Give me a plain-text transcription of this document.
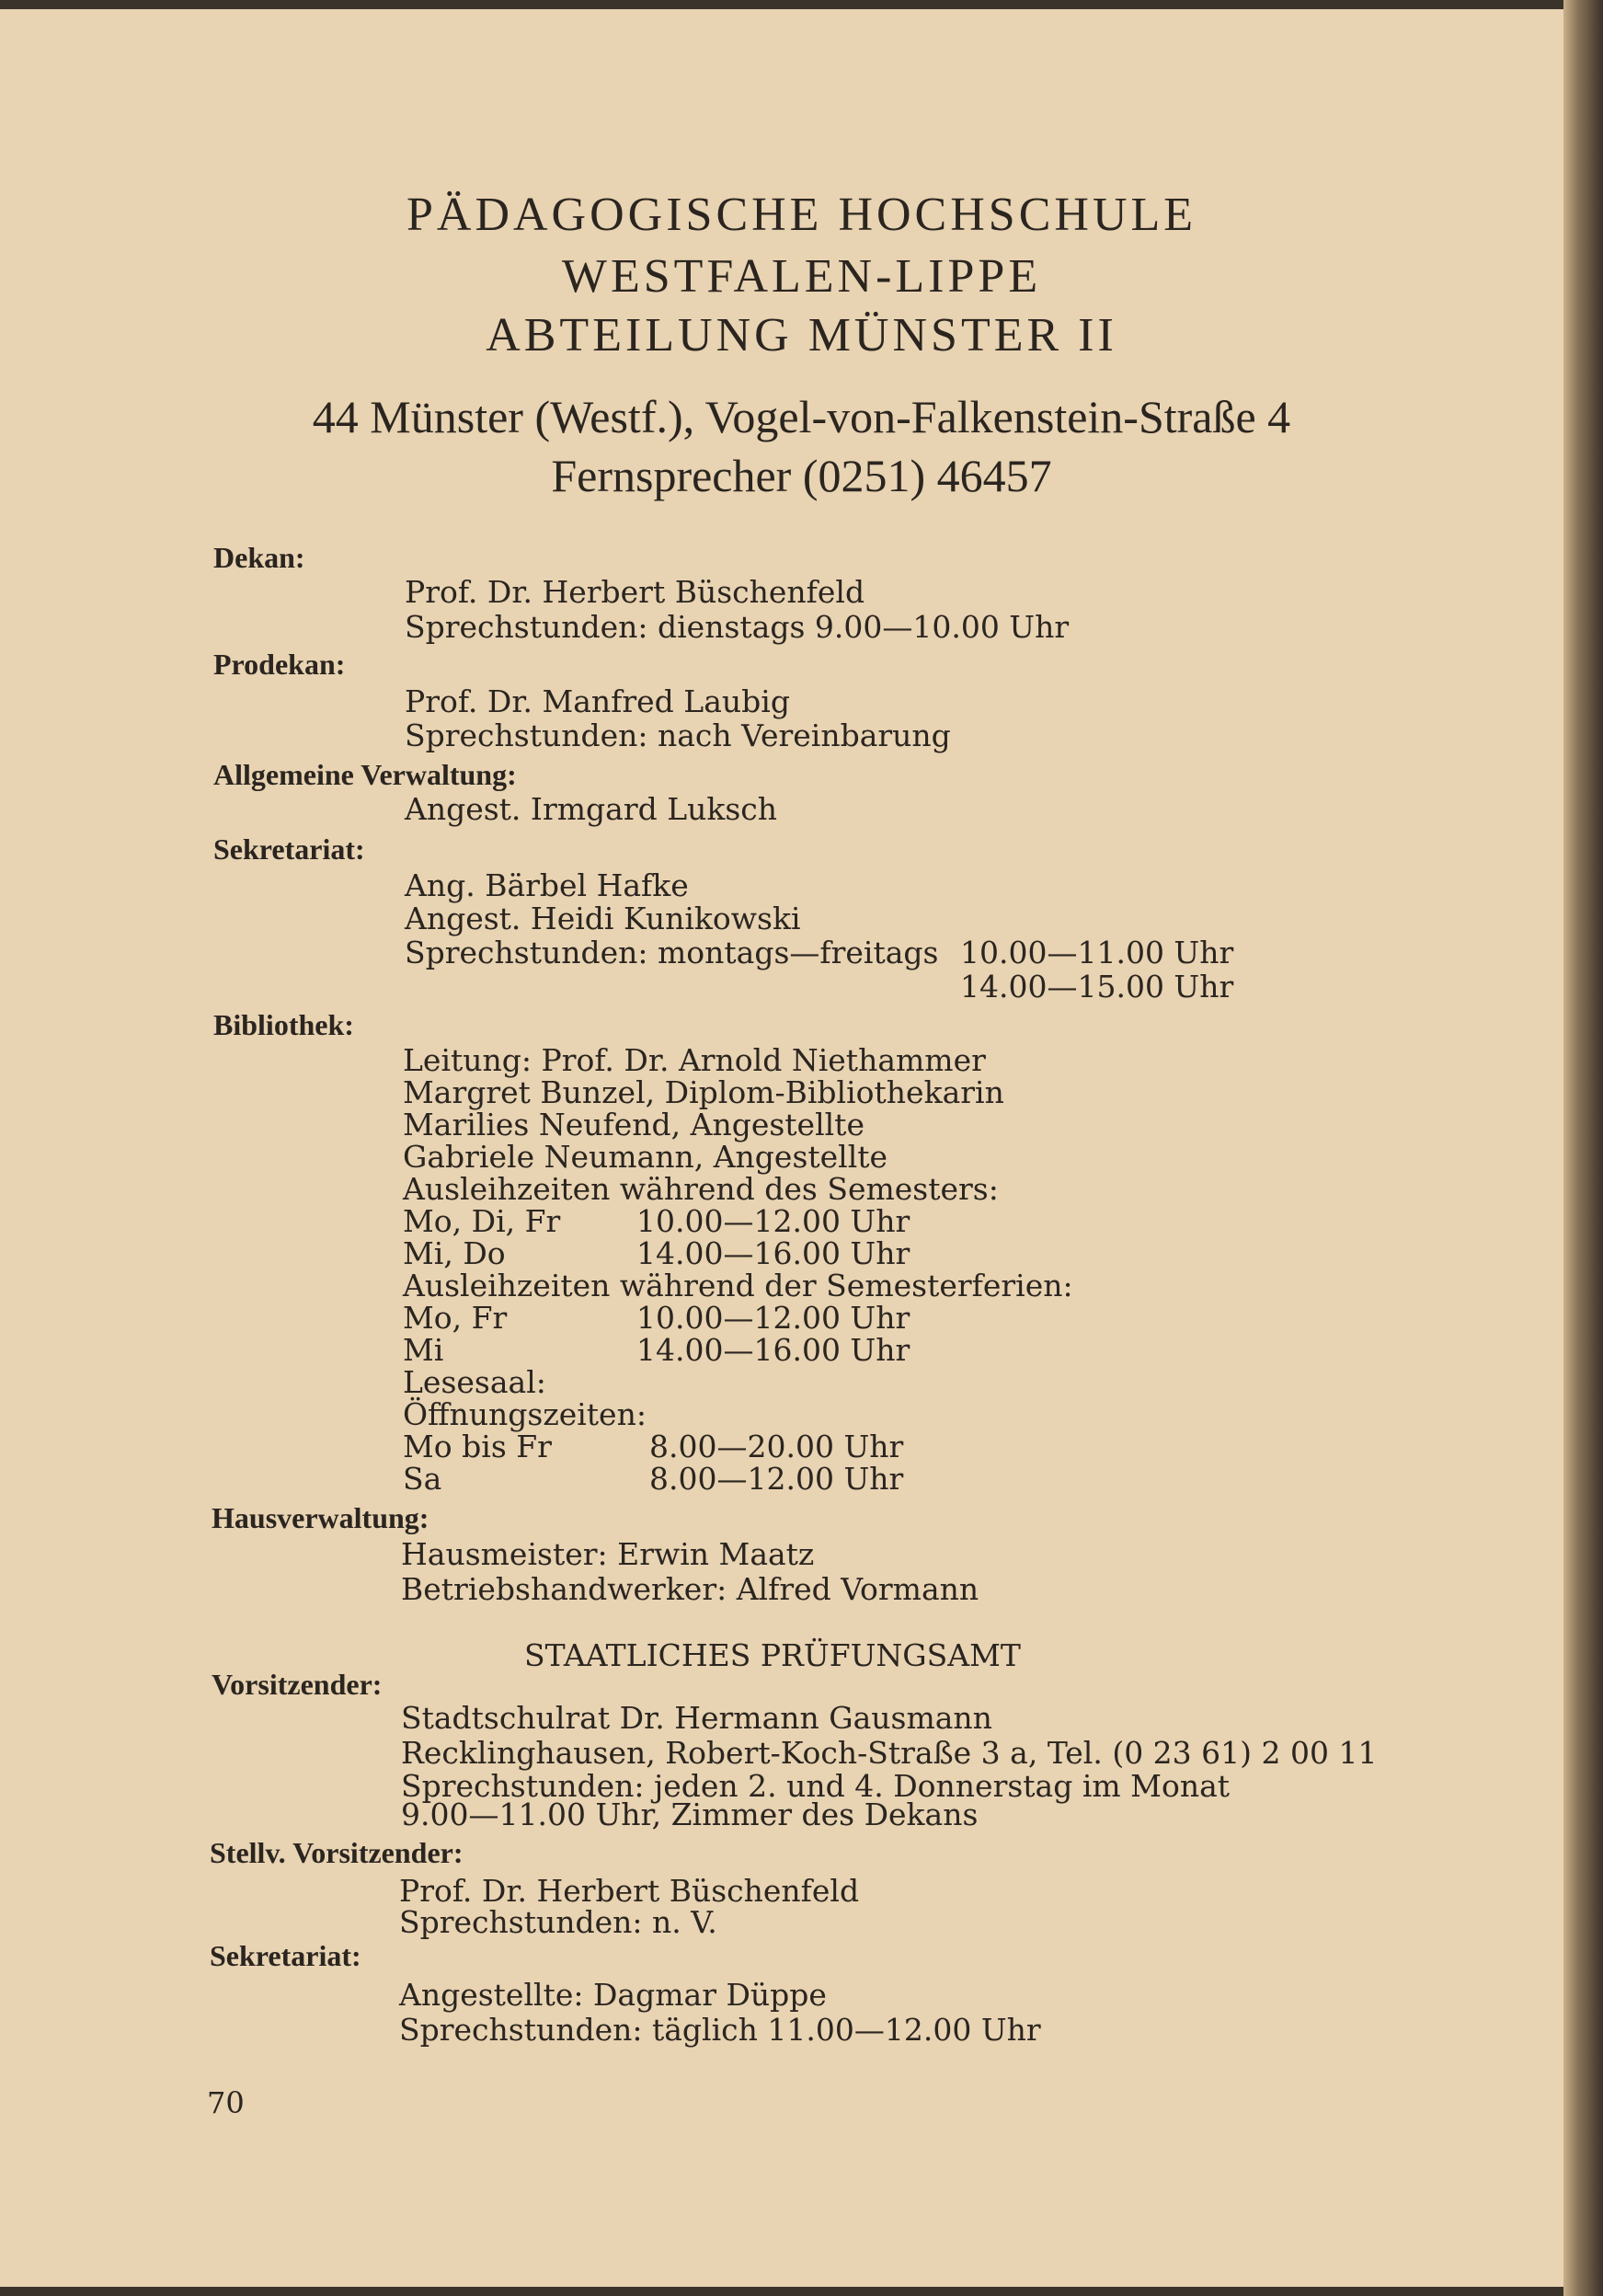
PÄDAGOGISCHE HOCHSCHULE
WESTFALEN-LIPPE
ABTEILUNG MÜNSTER II
44 Münster (Westf.), Vogel-von-Falkenstein-Straße 4
Fernsprecher (0251) 46457
Dekan:
Prof. Dr. Herbert Büschenfeld
Sprechstunden: dienstags 9.00—10.00 Uhr
Prodekan:
Prof. Dr. Manfred Laubig
Sprechstunden: nach Vereinbarung
Allgemeine Verwaltung:
Angest. Irmgard Luksch
Sekretariat:
Ang. Bärbel Hafke
Angest. Heidi Kunikowski
Sprechstunden: montags—freitags 10.00—11.00 Uhr
14.00—15.00 Uhr
Bibliothek:
Leitung: Prof. Dr. Arnold Niethammer
Margret Bunzel, Diplom-Bibliothekarin
Marilies Neufend, Angestellte
Gabriele Neumann, Angestellte
Ausleihzeiten während des Semesters:
Mo, Di, Fr	10.00—12.00 Uhr
Mi, Do	14.00—16.00 Uhr
Ausleihzeiten während der Semesterferien:
Mo, Fr	10.00—12.00 Uhr
Mi	14.00—16.00 Uhr
Lesesaal:
Öffnungszeiten:
Mo bis Fr	8.00—20.00 Uhr
Sa	8.00—12.00 Uhr
Hausverwaltung:
Hausmeister: Erwin Maatz
Betriebshandwerker: Alfred Vormann
STAATLICHES PRÜFUNGSAMT
Vorsitzender:
Stadtschulrat Dr. Hermann Gausmann
Recklinghausen, Robert-Koch-Straße 3 a, Tel. (0 23 61) 2 00 11
Sprechstunden: jeden 2. und 4. Donnerstag im Monat
9.00—11.00 Uhr, Zimmer des Dekans
Stellv. Vorsitzender:
Prof. Dr. Herbert Büschenfeld
Sprechstunden: n. V.
Sekretariat:
Angestellte: Dagmar Düppe
Sprechstunden: täglich 11.00—12.00 Uhr
70
